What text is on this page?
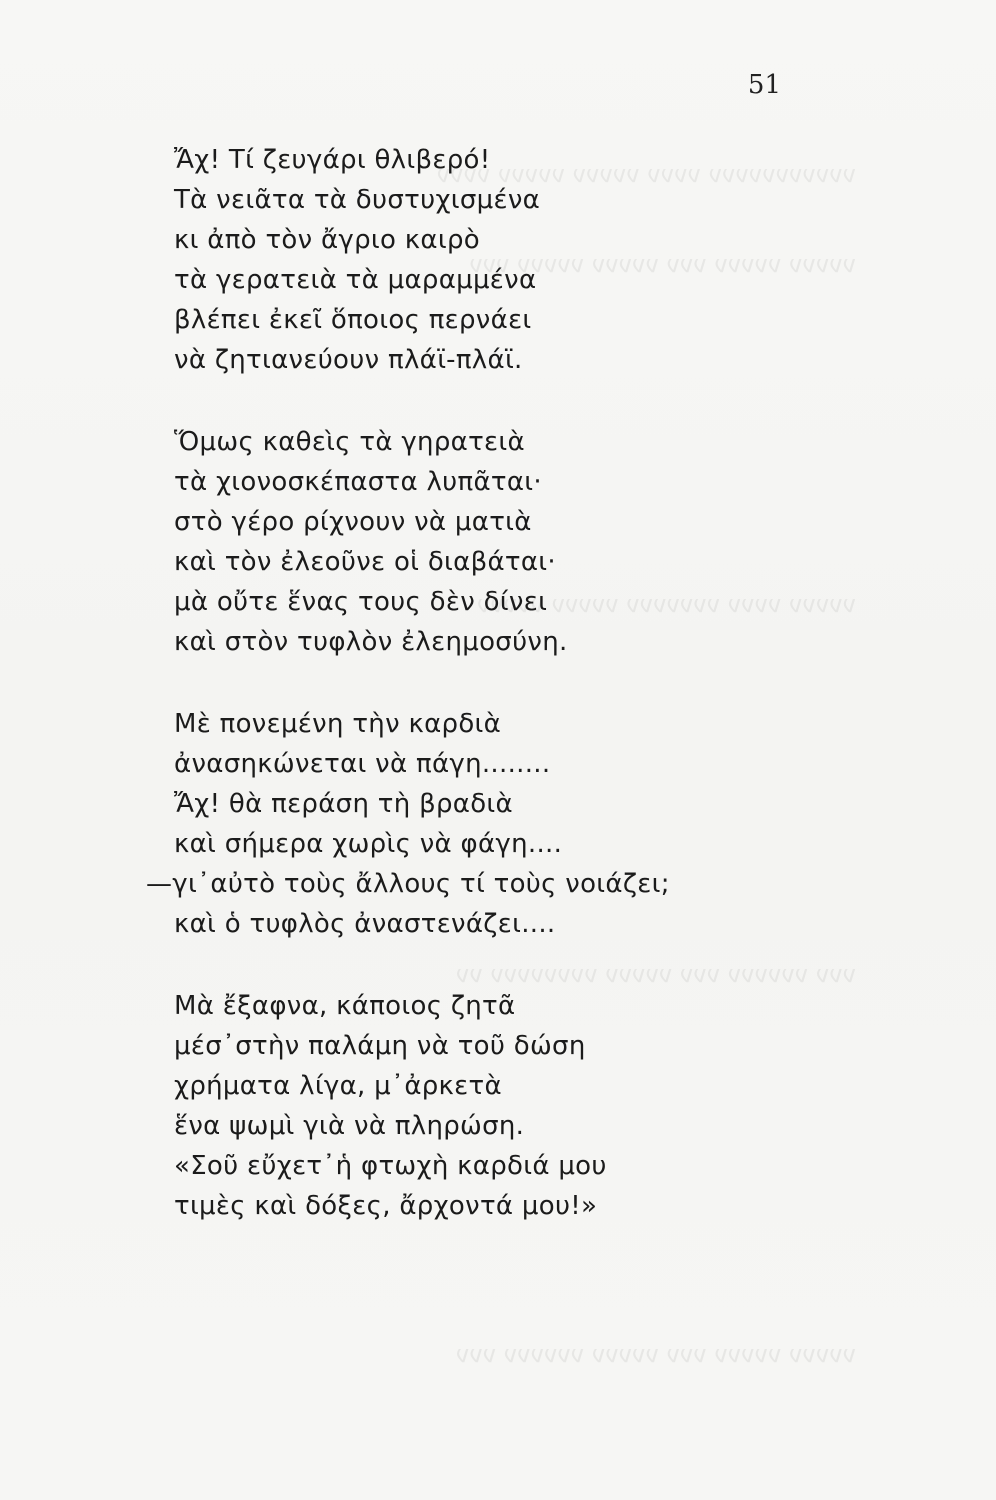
ννννννννννν νννν ννννν ννννν νννν
ννννν ννννν ννν ννννν ννννν ννν
ννννν νννν ννννννν ννννν ννννν
ννν νννννν ννν ννννν νννννννν νν
ννννν ννννν ννν ννννν νννννν ννν
51
Ἄχ! Τί ζευγάρι θλιβερό!
Τὰ νειᾶτα τὰ δυστυχισμένα
κι ἀπὸ τὸν ἄγριο καιρὸ
τὰ γερατειὰ τὰ μαραμμένα
βλέπει ἐκεῖ ὅποιος περνάει
νὰ ζητιανεύουν πλάϊ-πλάϊ.
Ὅμως καθεὶς τὰ γηρατειὰ
τὰ χιονοσκέπαστα λυπᾶται·
στὸ γέρο ρίχνουν νὰ ματιὰ
καὶ τὸν ἐλεοῦνε οἱ διαβάται·
μὰ οὔτε ἕνας τους δὲν δίνει
καὶ στὸν τυφλὸν ἐλεημοσύνη.
Μὲ πονεμένη τὴν καρδιὰ
ἀνασηκώνεται νὰ πάγη........
Ἄχ! θὰ περάση τὴ βραδιὰ
καὶ σήμερα χωρὶς νὰ φάγη....
—γι᾽αὐτὸ τοὺς ἄλλους τί τοὺς νοιάζει;
καὶ ὁ τυφλὸς ἀναστενάζει....
Μὰ ἔξαφνα, κάποιος ζητᾶ
μέσ᾽στὴν παλάμη νὰ τοῦ δώση
χρήματα λίγα, μ᾽ἀρκετὰ
ἕνα ψωμὶ γιὰ νὰ πληρώση.
«Σοῦ εὔχετ᾽ἡ φτωχὴ καρδιά μου
τιμὲς καὶ δόξες, ἄρχοντά μου!»
